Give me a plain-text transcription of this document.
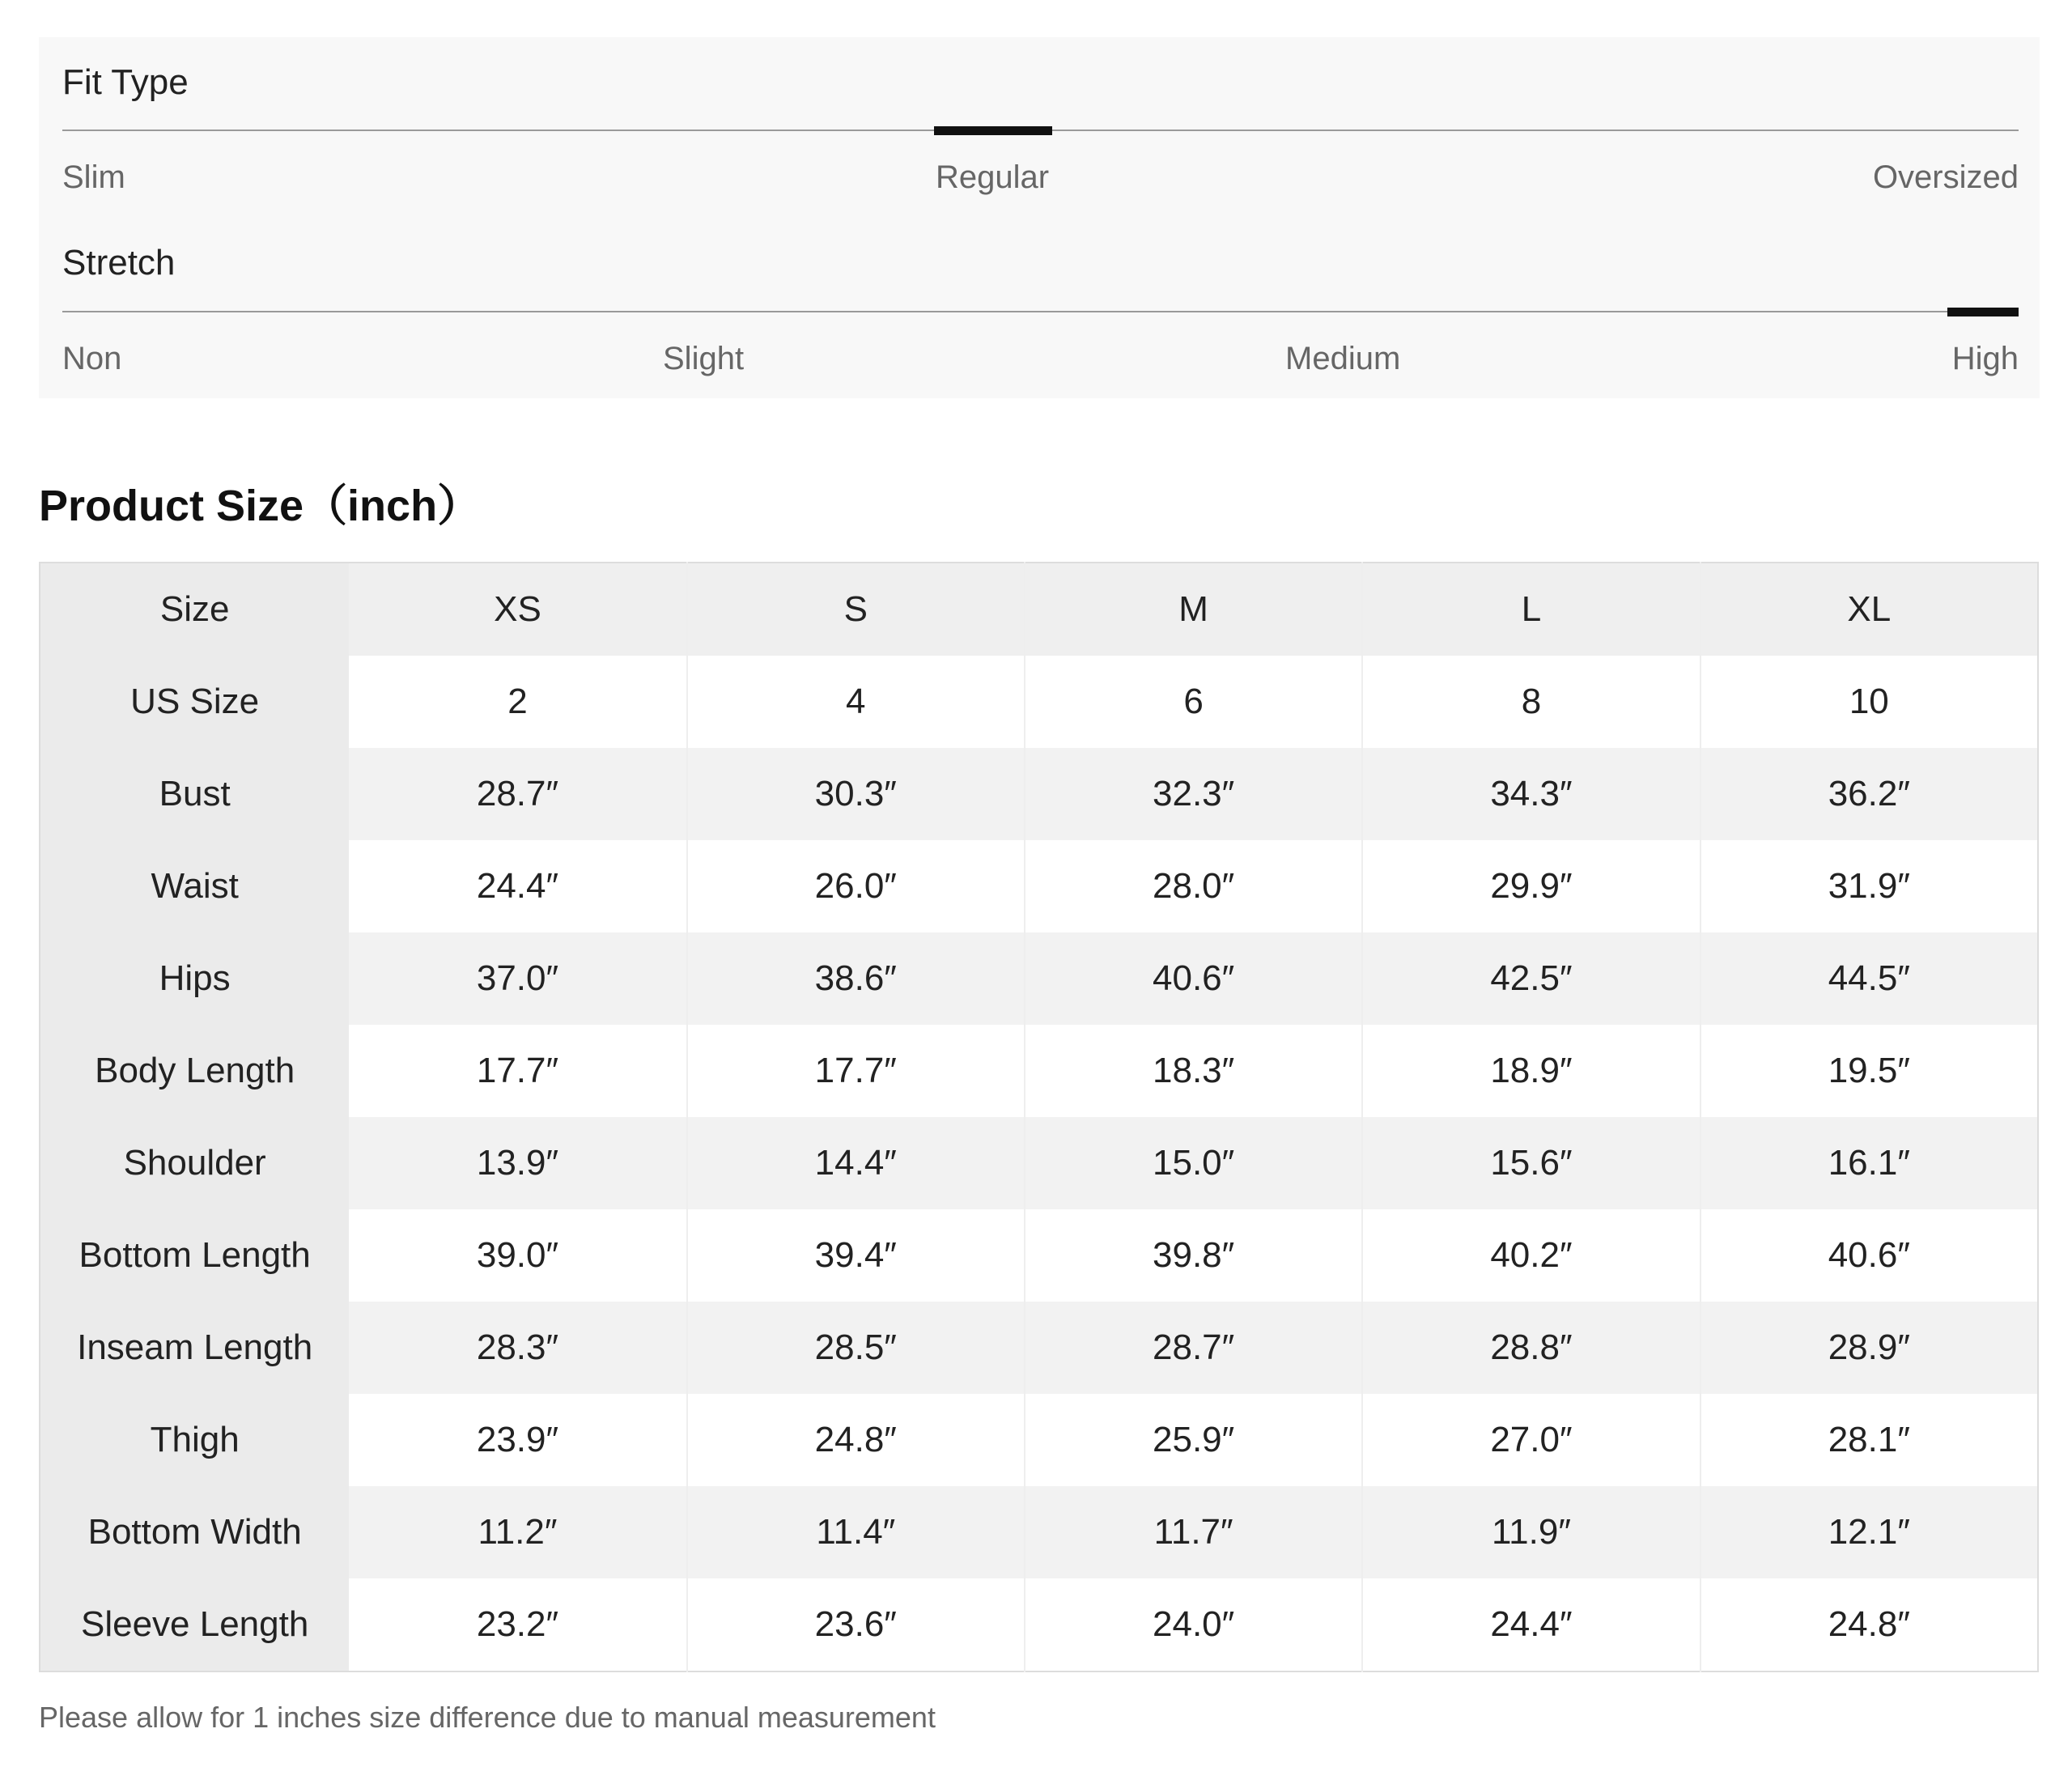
Fit Type
Slim	Regular	Oversized
Stretch
Non	Slight	Medium	High
Product Size（inch）
Size	XS	S	M	L	XL
US Size	2	4	6	8	10
Bust	28.7″	30.3″	32.3″	34.3″	36.2″
Waist	24.4″	26.0″	28.0″	29.9″	31.9″
Hips	37.0″	38.6″	40.6″	42.5″	44.5″
Body Length	17.7″	17.7″	18.3″	18.9″	19.5″
Shoulder	13.9″	14.4″	15.0″	15.6″	16.1″
Bottom Length	39.0″	39.4″	39.8″	40.2″	40.6″
Inseam Length	28.3″	28.5″	28.7″	28.8″	28.9″
Thigh	23.9″	24.8″	25.9″	27.0″	28.1″
Bottom Width	11.2″	11.4″	11.7″	11.9″	12.1″
Sleeve Length	23.2″	23.6″	24.0″	24.4″	24.8″
Please allow for 1 inches size difference due to manual measurement
